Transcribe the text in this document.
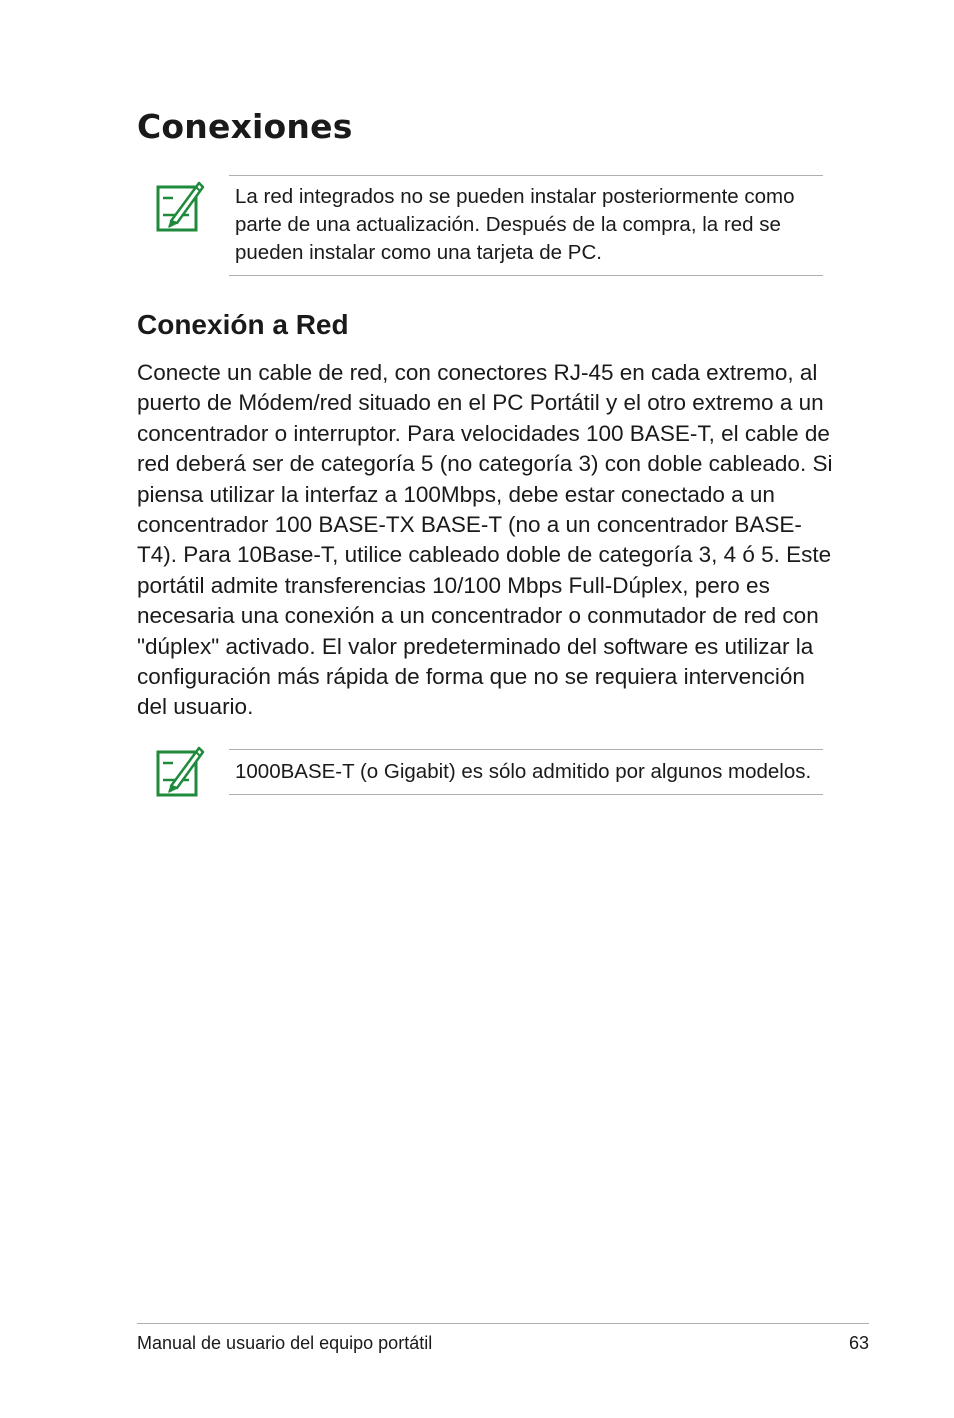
Conexiones

La red integrados no se pueden instalar posteriormente como parte de una actualización. Después de la compra, la red se pueden instalar como una tarjeta de PC.

Conexión a Red

Conecte un cable de red, con conectores RJ-45 en cada extremo, al puerto de Módem/red situado en el PC Portátil y el otro extremo a un concentrador o interruptor. Para velocidades 100 BASE-T, el cable de red deberá ser de categoría 5 (no categoría 3) con doble cableado. Si piensa utilizar la interfaz a 100Mbps, debe estar conectado a un concentrador 100 BASE-TX BASE-T (no a un concentrador BASE-T4). Para 10Base-T, utilice cableado doble de categoría 3, 4 ó 5. Este portátil admite transferencias 10/100 Mbps Full-Dúplex, pero es necesaria una conexión a un concentrador o conmutador de red con "dúplex" activado. El valor predeterminado del software es utilizar la configuración más rápida de forma que no se requiera intervención del usuario.

1000BASE-T (o Gigabit) es sólo admitido por algunos modelos.

Manual de usuario del equipo portátil	63
